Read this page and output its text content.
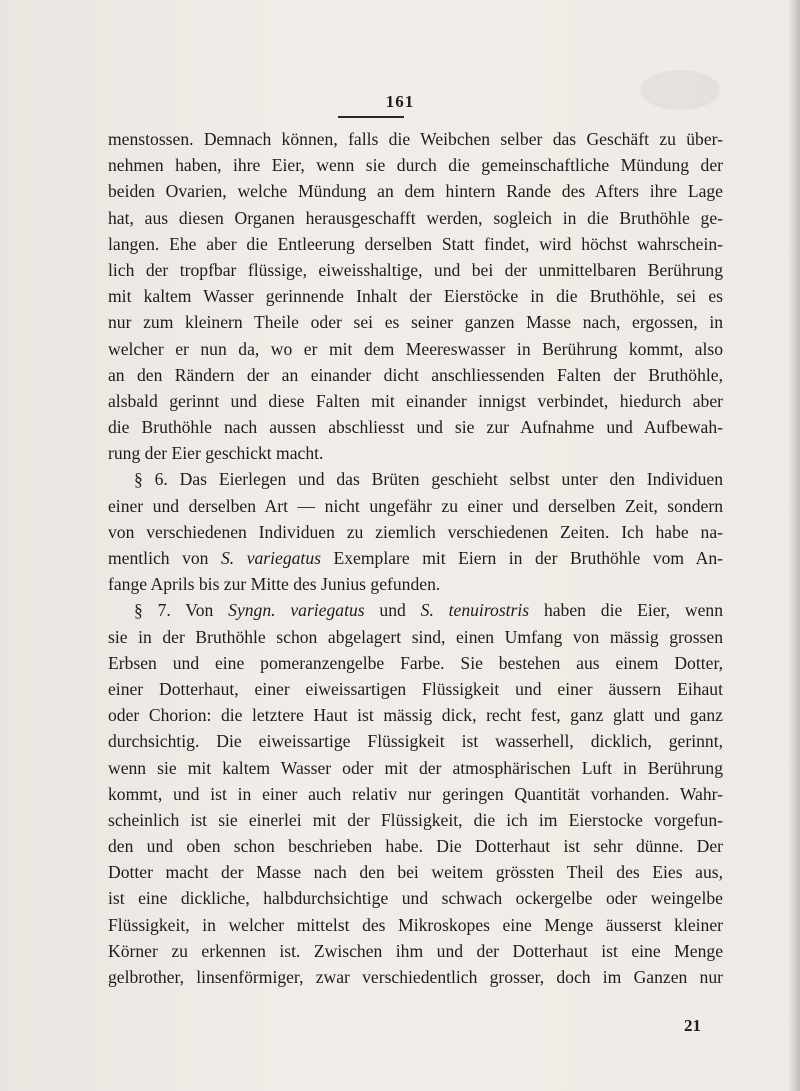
161
menstossen. Demnach können, falls die Weibchen selber das Geschäft zu über-
nehmen haben, ihre Eier, wenn sie durch die gemeinschaftliche Mündung der
beiden Ovarien, welche Mündung an dem hintern Rande des Afters ihre Lage
hat, aus diesen Organen herausgeschafft werden, sogleich in die Bruthöhle ge-
langen. Ehe aber die Entleerung derselben Statt findet, wird höchst wahrschein-
lich der tropfbar flüssige, eiweisshaltige, und bei der unmittelbaren Berührung
mit kaltem Wasser gerinnende Inhalt der Eierstöcke in die Bruthöhle, sei es
nur zum kleinern Theile oder sei es seiner ganzen Masse nach, ergossen, in
welcher er nun da, wo er mit dem Meereswasser in Berührung kommt, also
an den Rändern der an einander dicht anschliessenden Falten der Bruthöhle,
alsbald gerinnt und diese Falten mit einander innigst verbindet, hiedurch aber
die Bruthöhle nach aussen abschliesst und sie zur Aufnahme und Aufbewah-
rung der Eier geschickt macht.
§ 6. Das Eierlegen und das Brüten geschieht selbst unter den Individuen
einer und derselben Art — nicht ungefähr zu einer und derselben Zeit, sondern
von verschiedenen Individuen zu ziemlich verschiedenen Zeiten. Ich habe na-
mentlich von S. variegatus Exemplare mit Eiern in der Bruthöhle vom An-
fange Aprils bis zur Mitte des Junius gefunden.
§ 7. Von Syngn. variegatus und S. tenuirostris haben die Eier, wenn
sie in der Bruthöhle schon abgelagert sind, einen Umfang von mässig grossen
Erbsen und eine pomeranzengelbe Farbe. Sie bestehen aus einem Dotter,
einer Dotterhaut, einer eiweissartigen Flüssigkeit und einer äussern Eihaut
oder Chorion: die letztere Haut ist mässig dick, recht fest, ganz glatt und ganz
durchsichtig. Die eiweissartige Flüssigkeit ist wasserhell, dicklich, gerinnt,
wenn sie mit kaltem Wasser oder mit der atmosphärischen Luft in Berührung
kommt, und ist in einer auch relativ nur geringen Quantität vorhanden. Wahr-
scheinlich ist sie einerlei mit der Flüssigkeit, die ich im Eierstocke vorgefun-
den und oben schon beschrieben habe. Die Dotterhaut ist sehr dünne. Der
Dotter macht der Masse nach den bei weitem grössten Theil des Eies aus,
ist eine dickliche, halbdurchsichtige und schwach ockergelbe oder weingelbe
Flüssigkeit, in welcher mittelst des Mikroskopes eine Menge äusserst kleiner
Körner zu erkennen ist. Zwischen ihm und der Dotterhaut ist eine Menge
gelbrother, linsenförmiger, zwar verschiedentlich grosser, doch im Ganzen nur
21
